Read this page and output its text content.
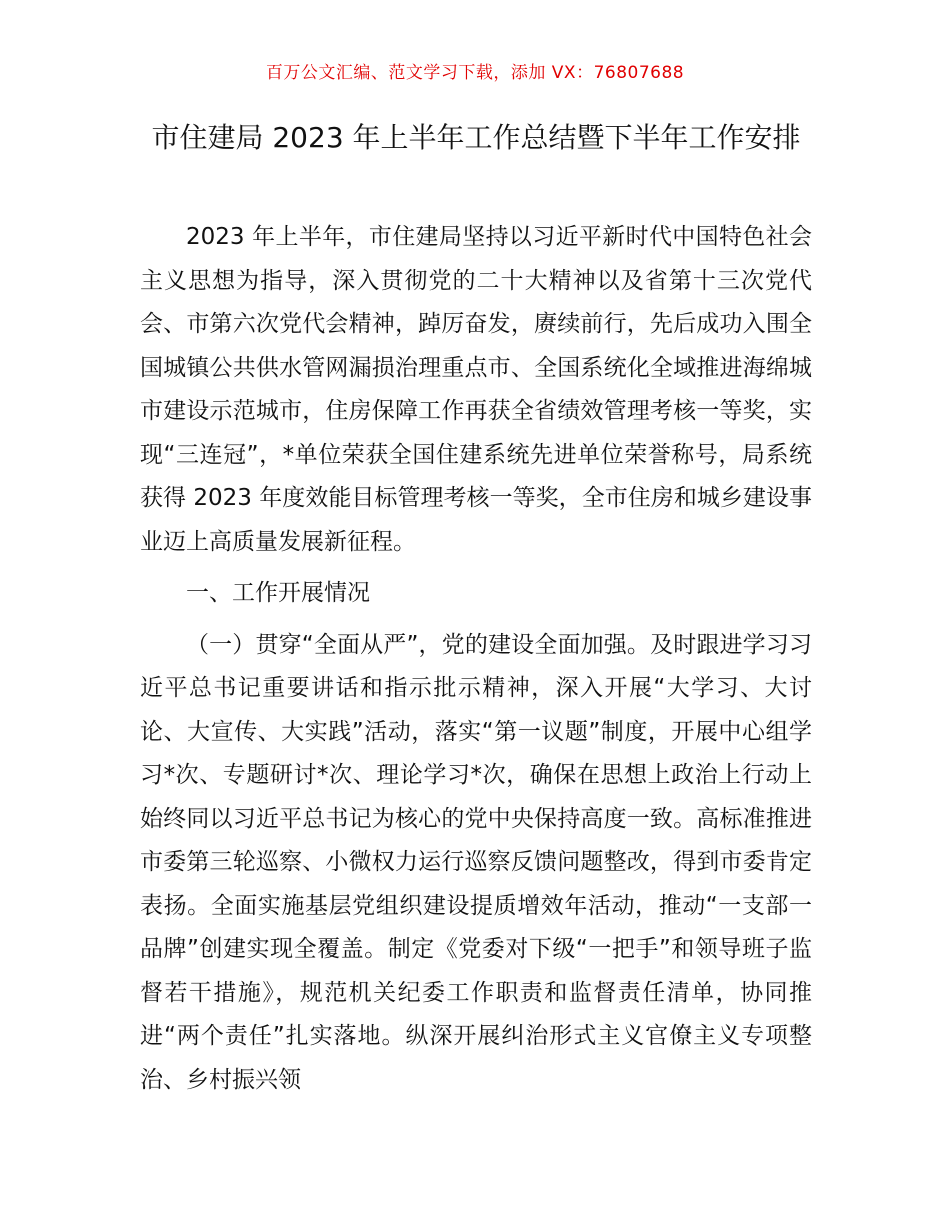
百万公文汇编、范文学习下载，添加 VX：76807688
市住建局 2023 年上半年工作总结暨下半年工作安排

2023 年上半年，市住建局坚持以习近平新时代中国特色社会主义思想为指导，深入贯彻党的二十大精神以及省第十三次党代会、市第六次党代会精神，踔厉奋发，赓续前行，先后成功入围全国城镇公共供水管网漏损治理重点市、全国系统化全域推进海绵城市建设示范城市，住房保障工作再获全省绩效管理考核一等奖，实现“三连冠”，*单位荣获全国住建系统先进单位荣誉称号，局系统获得 2023 年度效能目标管理考核一等奖，全市住房和城乡建设事业迈上高质量发展新征程。

一、工作开展情况

（一）贯穿“全面从严”，党的建设全面加强。及时跟进学习习近平总书记重要讲话和指示批示精神，深入开展“大学习、大讨论、大宣传、大实践”活动，落实“第一议题”制度，开展中心组学习*次、专题研讨*次、理论学习*次，确保在思想上政治上行动上始终同以习近平总书记为核心的党中央保持高度一致。高标准推进市委第三轮巡察、小微权力运行巡察反馈问题整改，得到市委肯定表扬。全面实施基层党组织建设提质增效年活动，推动“一支部一品牌”创建实现全覆盖。制定《党委对下级“一把手”和领导班子监督若干措施》，规范机关纪委工作职责和监督责任清单，协同推进“两个责任”扎实落地。纵深开展纠治形式主义官僚主义专项整治、乡村振兴领
